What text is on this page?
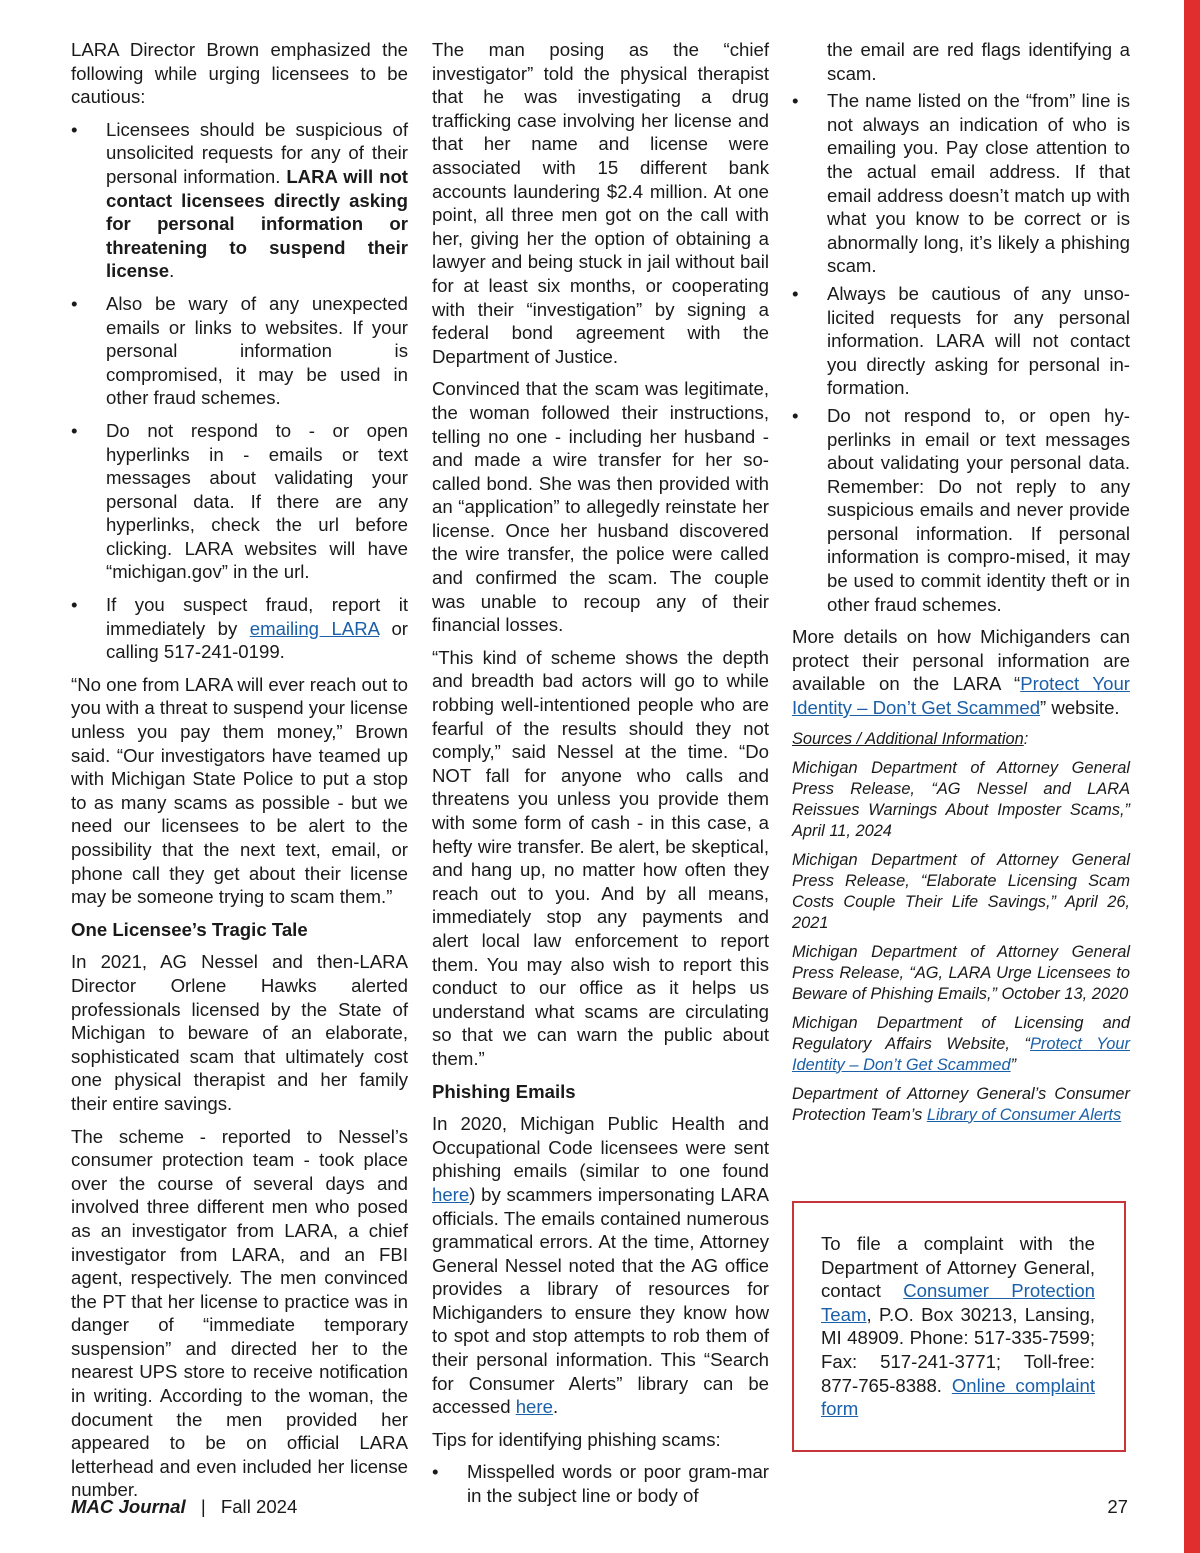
LARA Director Brown emphasized the following while urging licensees to be cautious:

• Licensees should be suspicious of unsolicited requests for any of their personal information. LARA will not contact licensees directly asking for personal information or threatening to suspend their license.
• Also be wary of any unexpected emails or links to websites. If your personal information is compromised, it may be used in other fraud schemes.
• Do not respond to - or open hyperlinks in - emails or text messages about validating your personal data. If there are any hyperlinks, check the url before clicking. LARA websites will have “michigan.gov” in the url.
• If you suspect fraud, report it immediately by emailing LARA or calling 517-241-0199.

“No one from LARA will ever reach out to you with a threat to suspend your license unless you pay them money,” Brown said. “Our investigators have teamed up with Michigan State Police to put a stop to as many scams as possible - but we need our licensees to be alert to the possibility that the next text, email, or phone call they get about their license may be someone trying to scam them.”

One Licensee’s Tragic Tale

In 2021, AG Nessel and then-LARA Director Orlene Hawks alerted professionals licensed by the State of Michigan to beware of an elaborate, sophisticated scam that ultimately cost one physical therapist and her family their entire savings.

The scheme - reported to Nessel’s consumer protection team - took place over the course of several days and involved three different men who posed as an investigator from LARA, a chief investigator from LARA, and an FBI agent, respectively. The men convinced the PT that her license to practice was in danger of “immediate temporary suspension” and directed her to the nearest UPS store to receive notification in writing. According to the woman, the document the men provided her appeared to be on official LARA letterhead and even included her license number.

The man posing as the “chief investigator” told the physical therapist that he was investigating a drug trafficking case involving her license and that her name and license were associated with 15 different bank accounts laundering $2.4 million. At one point, all three men got on the call with her, giving her the option of obtaining a lawyer and being stuck in jail without bail for at least six months, or cooperating with their “investigation” by signing a federal bond agreement with the Department of Justice.

Convinced that the scam was legitimate, the woman followed their instructions, telling no one - including her husband - and made a wire transfer for her so-called bond. She was then provided with an “application” to allegedly reinstate her license. Once her husband discovered the wire transfer, the police were called and confirmed the scam. The couple was unable to recoup any of their financial losses.

“This kind of scheme shows the depth and breadth bad actors will go to while robbing well-intentioned people who are fearful of the results should they not comply,” said Nessel at the time. “Do NOT fall for anyone who calls and threatens you unless you provide them with some form of cash - in this case, a hefty wire transfer. Be alert, be skeptical, and hang up, no matter how often they reach out to you. And by all means, immediately stop any payments and alert local law enforcement to report them. You may also wish to report this conduct to our office as it helps us understand what scams are circulating so that we can warn the public about them.”

Phishing Emails

In 2020, Michigan Public Health and Occupational Code licensees were sent phishing emails (similar to one found here) by scammers impersonating LARA officials. The emails contained numerous grammatical errors. At the time, Attorney General Nessel noted that the AG office provides a library of resources for Michiganders to ensure they know how to spot and stop attempts to rob them of their personal information. This “Search for Consumer Alerts” library can be accessed here.

Tips for identifying phishing scams:

• Misspelled words or poor gram-mar in the subject line or body of
the email are red flags identifying a scam.
• The name listed on the “from” line is not always an indication of who is emailing you. Pay close attention to the actual email address. If that email address doesn’t match up with what you know to be correct or is abnormally long, it’s likely a phishing scam.
• Always be cautious of any unso-licited requests for any personal information. LARA will not contact you directly asking for personal in-formation.
• Do not respond to, or open hy-perlinks in email or text messages about validating your personal data. Remember: Do not reply to any suspicious emails and never provide personal information. If personal information is compro-mised, it may be used to commit identity theft or in other fraud schemes.

More details on how Michiganders can protect their personal information are available on the LARA “Protect Your Identity – Don’t Get Scammed” website.

Sources / Additional Information:

Michigan Department of Attorney General Press Release, “AG Nessel and LARA Reissues Warnings About Imposter Scams,” April 11, 2024

Michigan Department of Attorney General Press Release, “Elaborate Licensing Scam Costs Couple Their Life Savings,” April 26, 2021

Michigan Department of Attorney General Press Release, “AG, LARA Urge Licensees to Beware of Phishing Emails,” October 13, 2020

Michigan Department of Licensing and Regulatory Affairs Website, “Protect Your Identity – Don’t Get Scammed”

Department of Attorney General’s Consumer Protection Team’s Library of Consumer Alerts

To file a complaint with the Department of Attorney General, contact Consumer Protection Team, P.O. Box 30213, Lansing, MI 48909. Phone: 517-335-7599; Fax: 517-241-3771; Toll-free: 877-765-8388. Online complaint form

MAC Journal | Fall 2024	27
